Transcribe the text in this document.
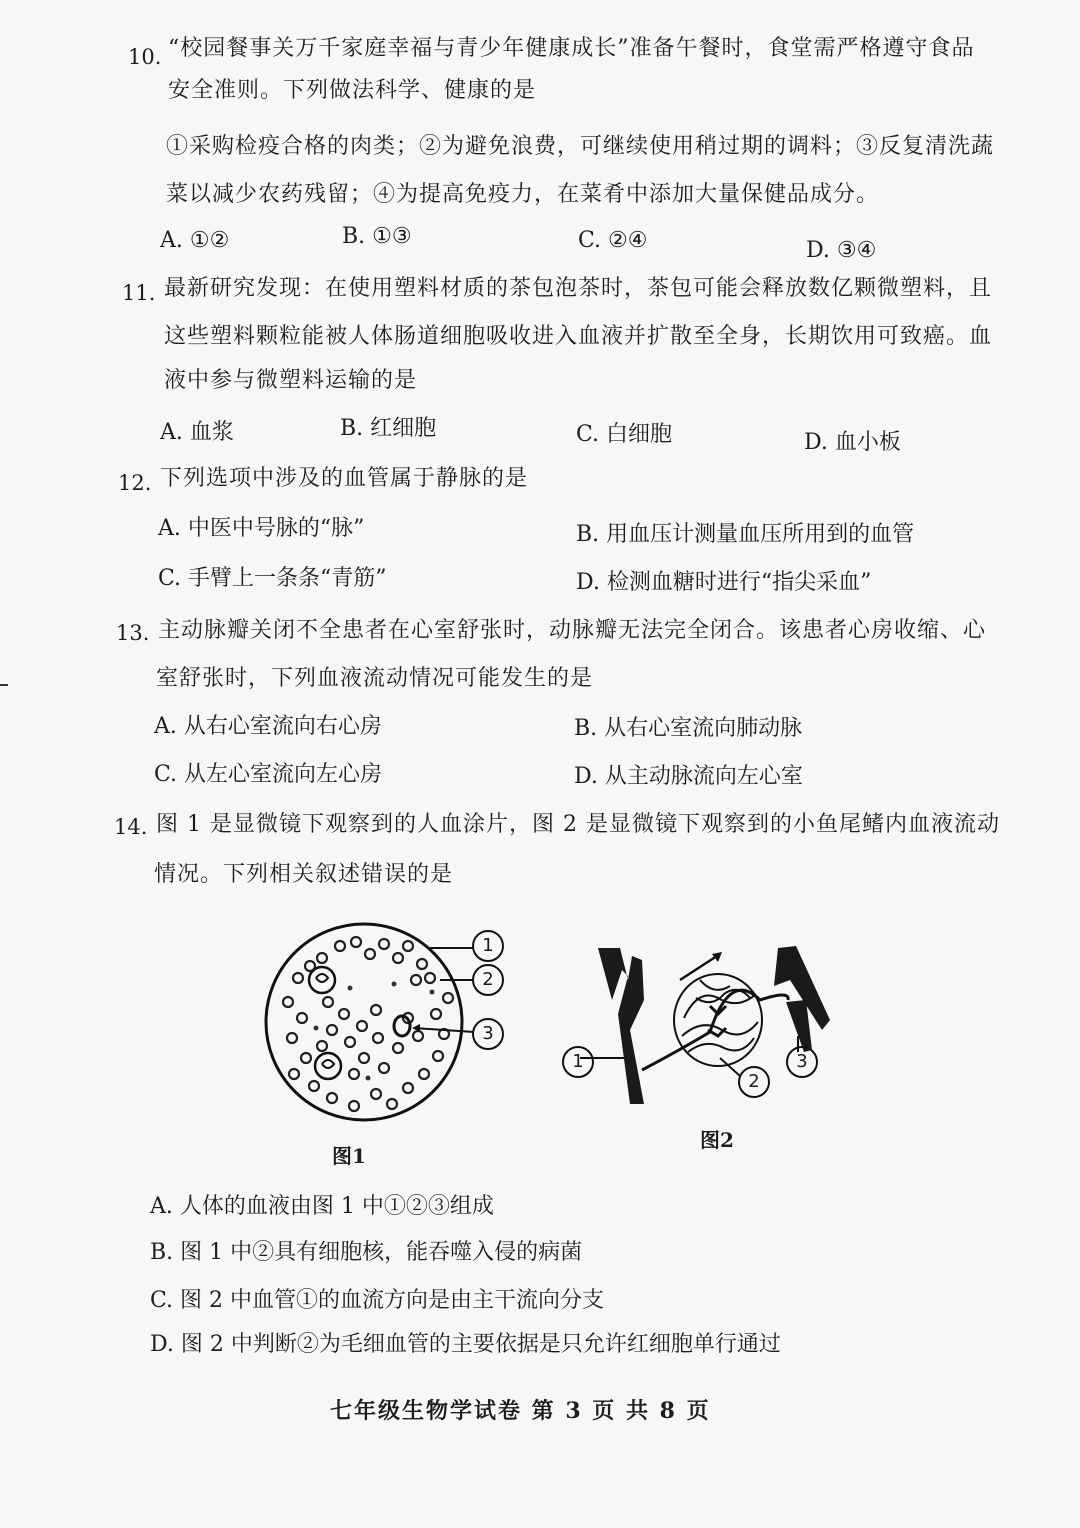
10. “校园餐事关万千家庭幸福与青少年健康成长”准备午餐时，食堂需严格遵守食品
安全准则。下列做法科学、健康的是
①采购检疫合格的肉类；②为避免浪费，可继续使用稍过期的调料；③反复清洗蔬
菜以减少农药残留；④为提高免疫力，在菜肴中添加大量保健品成分。
A. ①②	B. ①③	C. ②④	D. ③④
11. 最新研究发现：在使用塑料材质的茶包泡茶时，茶包可能会释放数亿颗微塑料，且
这些塑料颗粒能被人体肠道细胞吸收进入血液并扩散至全身，长期饮用可致癌。血
液中参与微塑料运输的是
A. 血浆	B. 红细胞	C. 白细胞	D. 血小板
12. 下列选项中涉及的血管属于静脉的是
A. 中医中号脉的“脉”	B. 用血压计测量血压所用到的血管
C. 手臂上一条条“青筋”	D. 检测血糖时进行“指尖采血”
13. 主动脉瓣关闭不全患者在心室舒张时，动脉瓣无法完全闭合。该患者心房收缩、心
室舒张时，下列血液流动情况可能发生的是
A. 从右心室流向右心房	B. 从右心室流向肺动脉
C. 从左心室流向左心房	D. 从主动脉流向左心室
14. 图 1 是显微镜下观察到的人血涂片，图 2 是显微镜下观察到的小鱼尾鳍内血液流动
情况。下列相关叙述错误的是
1
2
3
图1
1
2
3
图2
A. 人体的血液由图 1 中①②③组成
B. 图 1 中②具有细胞核，能吞噬入侵的病菌
C. 图 2 中血管①的血流方向是由主干流向分支
D. 图 2 中判断②为毛细血管的主要依据是只允许红细胞单行通过
七年级生物学试卷 第 3 页 共 8 页
